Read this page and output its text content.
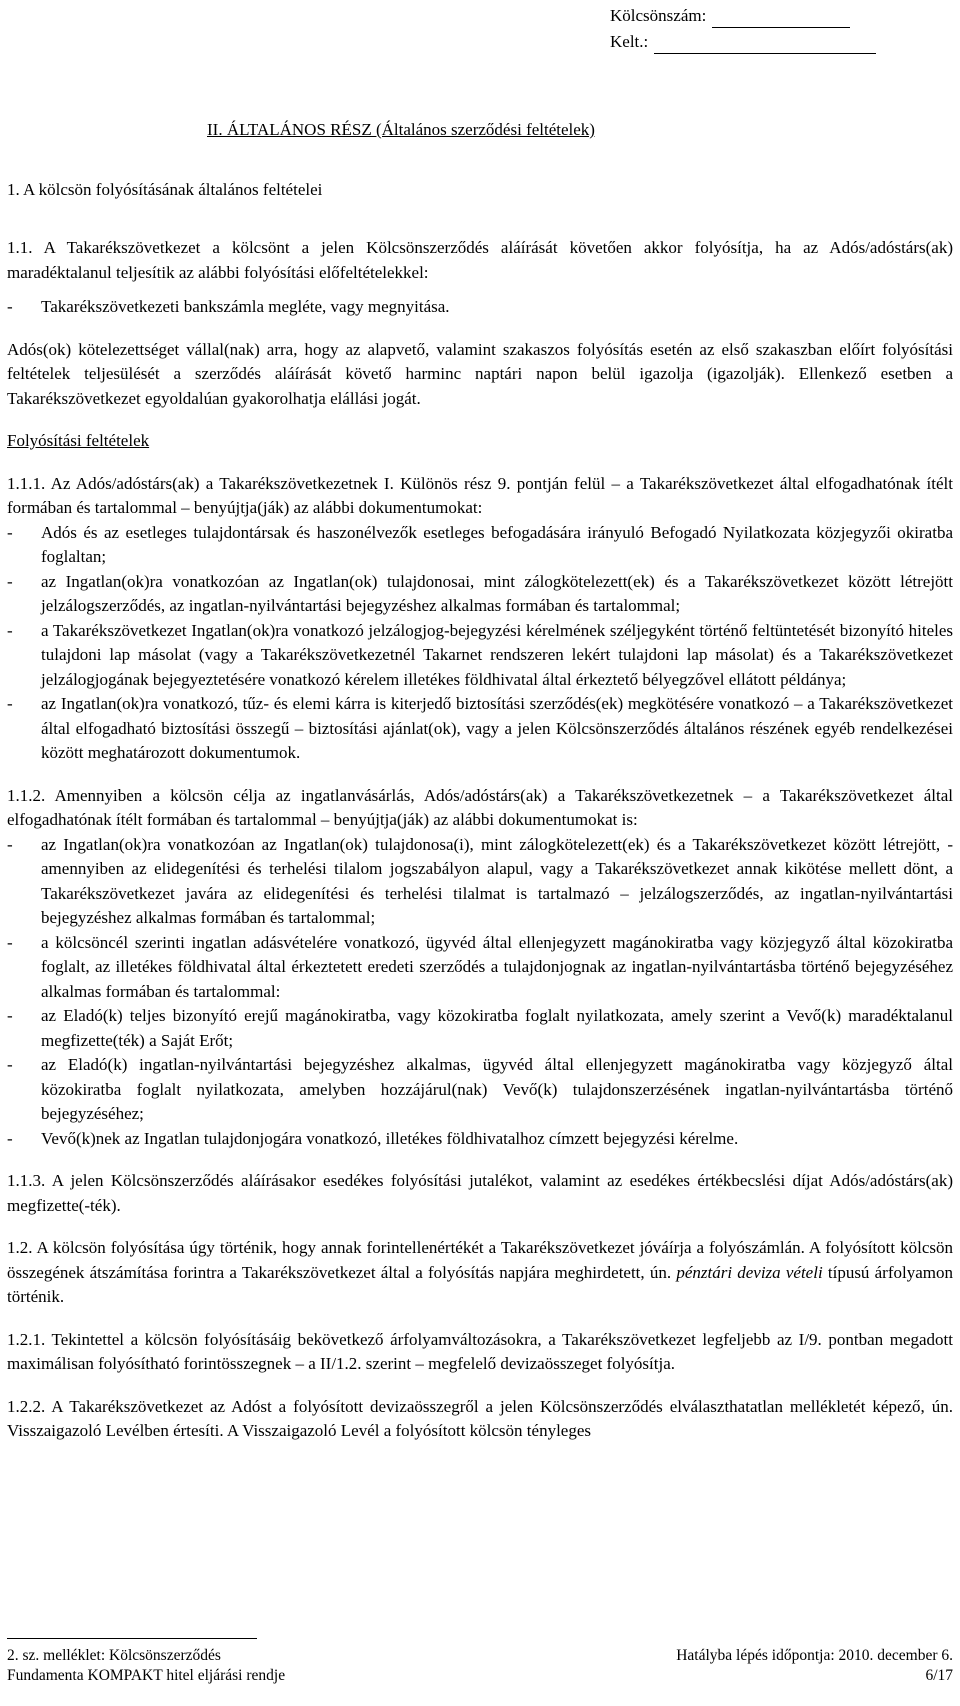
Kölcsönszám:
Kelt.:
II. ÁLTALÁNOS RÉSZ (Általános szerződési feltételek)
1. A kölcsön folyósításának általános feltételei

1.1. A Takarékszövetkezet a kölcsönt a jelen Kölcsönszerződés aláírását követően akkor folyósítja, ha az Adós/adóstárs(ak) maradéktalanul teljesítik az alábbi folyósítási előfeltételekkel:

-	Takarékszövetkezeti bankszámla megléte, vagy megnyitása.

Adós(ok) kötelezettséget vállal(nak) arra, hogy az alapvető, valamint szakaszos folyósítás esetén az első szakaszban előírt folyósítási feltételek teljesülését a szerződés aláírását követő harminc naptári napon belül igazolja (igazolják). Ellenkező esetben a Takarékszövetkezet egyoldalúan gyakorolhatja elállási jogát.

Folyósítási feltételek

1.1.1. Az Adós/adóstárs(ak) a Takarékszövetkezetnek I. Különös rész 9. pontján felül – a Takarékszövetkezet által elfogadhatónak ítélt formában és tartalommal – benyújtja(ják) az alábbi dokumentumokat:

-	Adós és az esetleges tulajdontársak és haszonélvezők esetleges befogadására irányuló Befogadó Nyilatkozata közjegyzői okiratba foglaltan;
-	az Ingatlan(ok)ra vonatkozóan az Ingatlan(ok) tulajdonosai, mint zálogkötelezett(ek) és a Takarékszövetkezet között létrejött jelzálogszerződés, az ingatlan-nyilvántartási bejegyzéshez alkalmas formában és tartalommal;
-	a Takarékszövetkezet Ingatlan(ok)ra vonatkozó jelzálogjog-bejegyzési kérelmének széljegyként történő feltüntetését bizonyító hiteles tulajdoni lap másolat (vagy a Takarékszövetkezetnél Takarnet rendszeren lekért tulajdoni lap másolat) és a Takarékszövetkezet jelzálogjogának bejegyeztetésére vonatkozó kérelem illetékes földhivatal által érkeztető bélyegzővel ellátott példánya;
-	az Ingatlan(ok)ra vonatkozó, tűz- és elemi kárra is kiterjedő biztosítási szerződés(ek) megkötésére vonatkozó – a Takarékszövetkezet által elfogadható biztosítási összegű – biztosítási ajánlat(ok), vagy a jelen Kölcsönszerződés általános részének egyéb rendelkezései között meghatározott dokumentumok.

1.1.2. Amennyiben a kölcsön célja az ingatlanvásárlás, Adós/adóstárs(ak) a Takarékszövetkezetnek – a Takarékszövetkezet által elfogadhatónak ítélt formában és tartalommal – benyújtja(ják) az alábbi dokumentumokat is:

-	az Ingatlan(ok)ra vonatkozóan az Ingatlan(ok) tulajdonosa(i), mint zálogkötelezett(ek) és a Takarékszövetkezet között létrejött, - amennyiben az elidegenítési és terhelési tilalom jogszabályon alapul, vagy a Takarékszövetkezet annak kikötése mellett dönt, a Takarékszövetkezet javára az elidegenítési és terhelési tilalmat is tartalmazó – jelzálogszerződés, az ingatlan-nyilvántartási bejegyzéshez alkalmas formában és tartalommal;
-	a kölcsöncél szerinti ingatlan adásvételére vonatkozó, ügyvéd által ellenjegyzett magánokiratba vagy közjegyző által közokiratba foglalt, az illetékes földhivatal által érkeztetett eredeti szerződés a tulajdonjognak az ingatlan-nyilvántartásba történő bejegyzéséhez alkalmas formában és tartalommal:
-	az Eladó(k) teljes bizonyító erejű magánokiratba, vagy közokiratba foglalt nyilatkozata, amely szerint a Vevő(k) maradéktalanul megfizette(ték) a Saját Erőt;
-	az Eladó(k) ingatlan-nyilvántartási bejegyzéshez alkalmas, ügyvéd által ellenjegyzett magánokiratba vagy közjegyző által közokiratba foglalt nyilatkozata, amelyben hozzájárul(nak) Vevő(k) tulajdonszerzésének ingatlan-nyilvántartásba történő bejegyzéséhez;
-	Vevő(k)nek az Ingatlan tulajdonjogára vonatkozó, illetékes földhivatalhoz címzett bejegyzési kérelme.

1.1.3. A jelen Kölcsönszerződés aláírásakor esedékes folyósítási jutalékot, valamint az esedékes értékbecslési díjat Adós/adóstárs(ak) megfizette(-ték).

1.2. A kölcsön folyósítása úgy történik, hogy annak forintellenértékét a Takarékszövetkezet jóváírja a folyószámlán. A folyósított kölcsön összegének átszámítása forintra a Takarékszövetkezet által a folyósítás napjára meghirdetett, ún. pénztári deviza vételi típusú árfolyamon történik.

1.2.1. Tekintettel a kölcsön folyósításáig bekövetkező árfolyamváltozásokra, a Takarékszövetkezet legfeljebb az I/9. pontban megadott maximálisan folyósítható forintösszegnek – a II/1.2. szerint – megfelelő devizaösszeget folyósítja.

1.2.2. A Takarékszövetkezet az Adóst a folyósított devizaösszegről a jelen Kölcsönszerződés elválaszthatatlan mellékletét képező, ún. Visszaigazoló Levélben értesíti. A Visszaigazoló Levél a folyósított kölcsön tényleges

2. sz. melléklet: Kölcsönszerződés	Hatályba lépés időpontja: 2010. december 6.
Fundamenta KOMPAKT hitel eljárási rendje	6/17
